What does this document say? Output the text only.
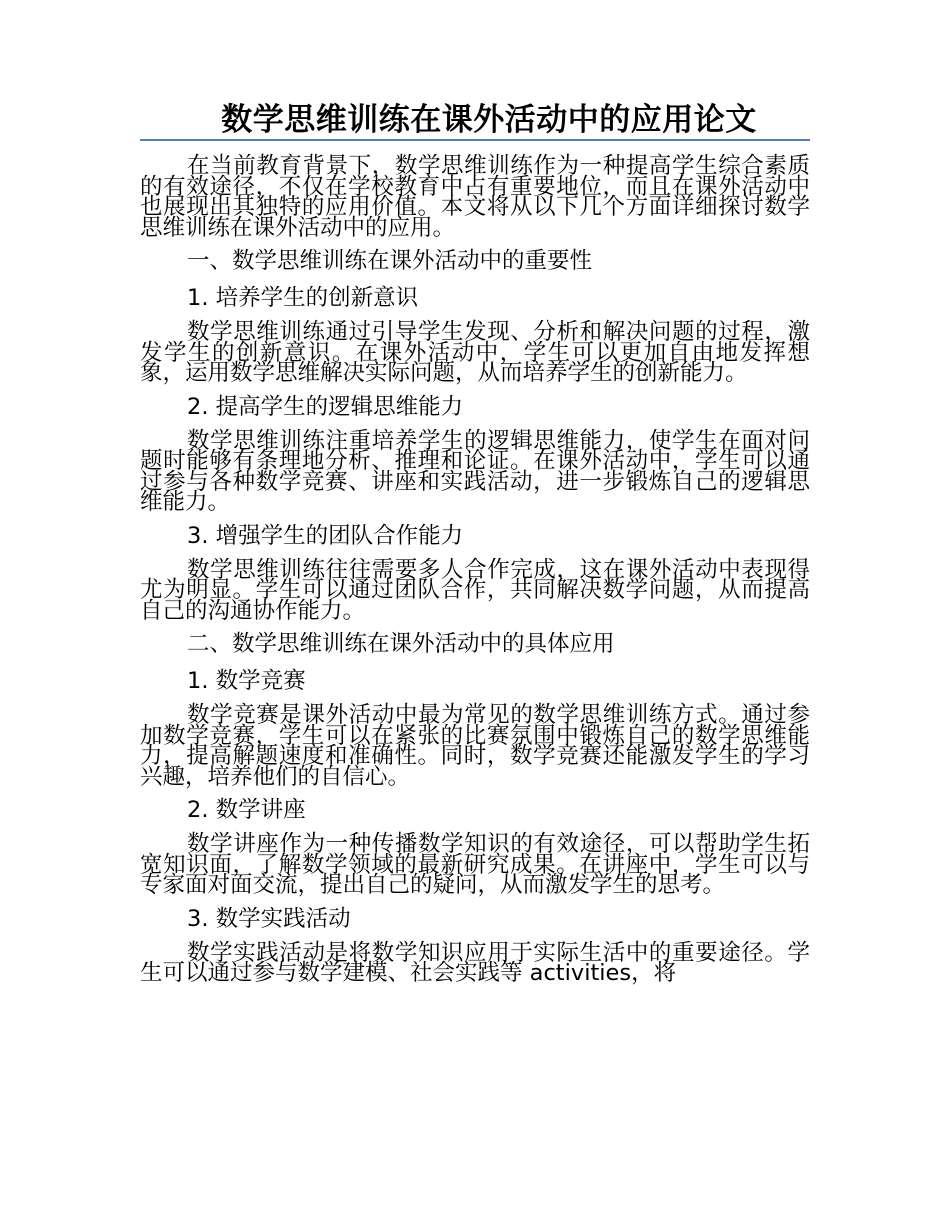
数学思维训练在课外活动中的应用论文

在当前教育背景下，数学思维训练作为一种提高学生综合素质的有效途径，不仅在学校教育中占有重要地位，而且在课外活动中也展现出其独特的应用价值。本文将从以下几个方面详细探讨数学思维训练在课外活动中的应用。

一、数学思维训练在课外活动中的重要性
1. 培养学生的创新意识

数学思维训练通过引导学生发现、分析和解决问题的过程，激发学生的创新意识。在课外活动中，学生可以更加自由地发挥想象，运用数学思维解决实际问题，从而培养学生的创新能力。

2. 提高学生的逻辑思维能力

数学思维训练注重培养学生的逻辑思维能力，使学生在面对问题时能够有条理地分析、推理和论证。在课外活动中，学生可以通过参与各种数学竞赛、讲座和实践活动，进一步锻炼自己的逻辑思维能力。

3. 增强学生的团队合作能力

数学思维训练往往需要多人合作完成，这在课外活动中表现得尤为明显。学生可以通过团队合作，共同解决数学问题，从而提高自己的沟通协作能力。

二、数学思维训练在课外活动中的具体应用
1. 数学竞赛

数学竞赛是课外活动中最为常见的数学思维训练方式。通过参加数学竞赛，学生可以在紧张的比赛氛围中锻炼自己的数学思维能力，提高解题速度和准确性。同时，数学竞赛还能激发学生的学习兴趣，培养他们的自信心。

2. 数学讲座

数学讲座作为一种传播数学知识的有效途径，可以帮助学生拓宽知识面，了解数学领域的最新研究成果。在讲座中，学生可以与专家面对面交流，提出自己的疑问，从而激发学生的思考。

3. 数学实践活动

数学实践活动是将数学知识应用于实际生活中的重要途径。学生可以通过参与数学建模、社会实践等 activities，将
